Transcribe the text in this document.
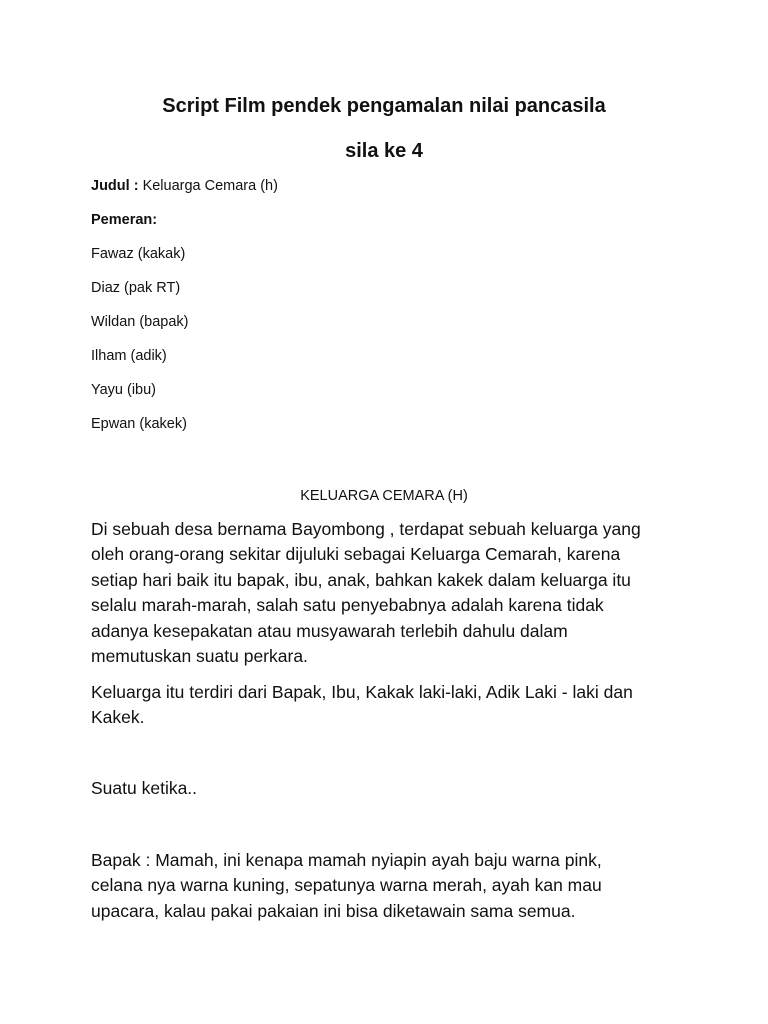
Script Film pendek pengamalan nilai pancasila
sila ke 4

Judul : Keluarga Cemara (h)

Pemeran:

Fawaz (kakak)

Diaz (pak RT)

Wildan (bapak)

Ilham (adik)

Yayu (ibu)

Epwan (kakek)

KELUARGA CEMARA (H)

Di sebuah desa bernama Bayombong , terdapat sebuah keluarga yang
oleh orang-orang sekitar dijuluki sebagai Keluarga Cemarah, karena
setiap hari baik itu bapak, ibu, anak, bahkan kakek dalam keluarga itu
selalu marah-marah, salah satu penyebabnya adalah karena tidak
adanya kesepakatan atau musyawarah terlebih dahulu dalam
memutuskan suatu perkara.

Keluarga itu terdiri dari Bapak, Ibu, Kakak laki-laki, Adik Laki - laki dan
Kakek.

Suatu ketika..

Bapak : Mamah, ini kenapa mamah nyiapin ayah baju warna pink,
celana nya warna kuning, sepatunya warna merah, ayah kan mau
upacara, kalau pakai pakaian ini bisa diketawain sama semua.
